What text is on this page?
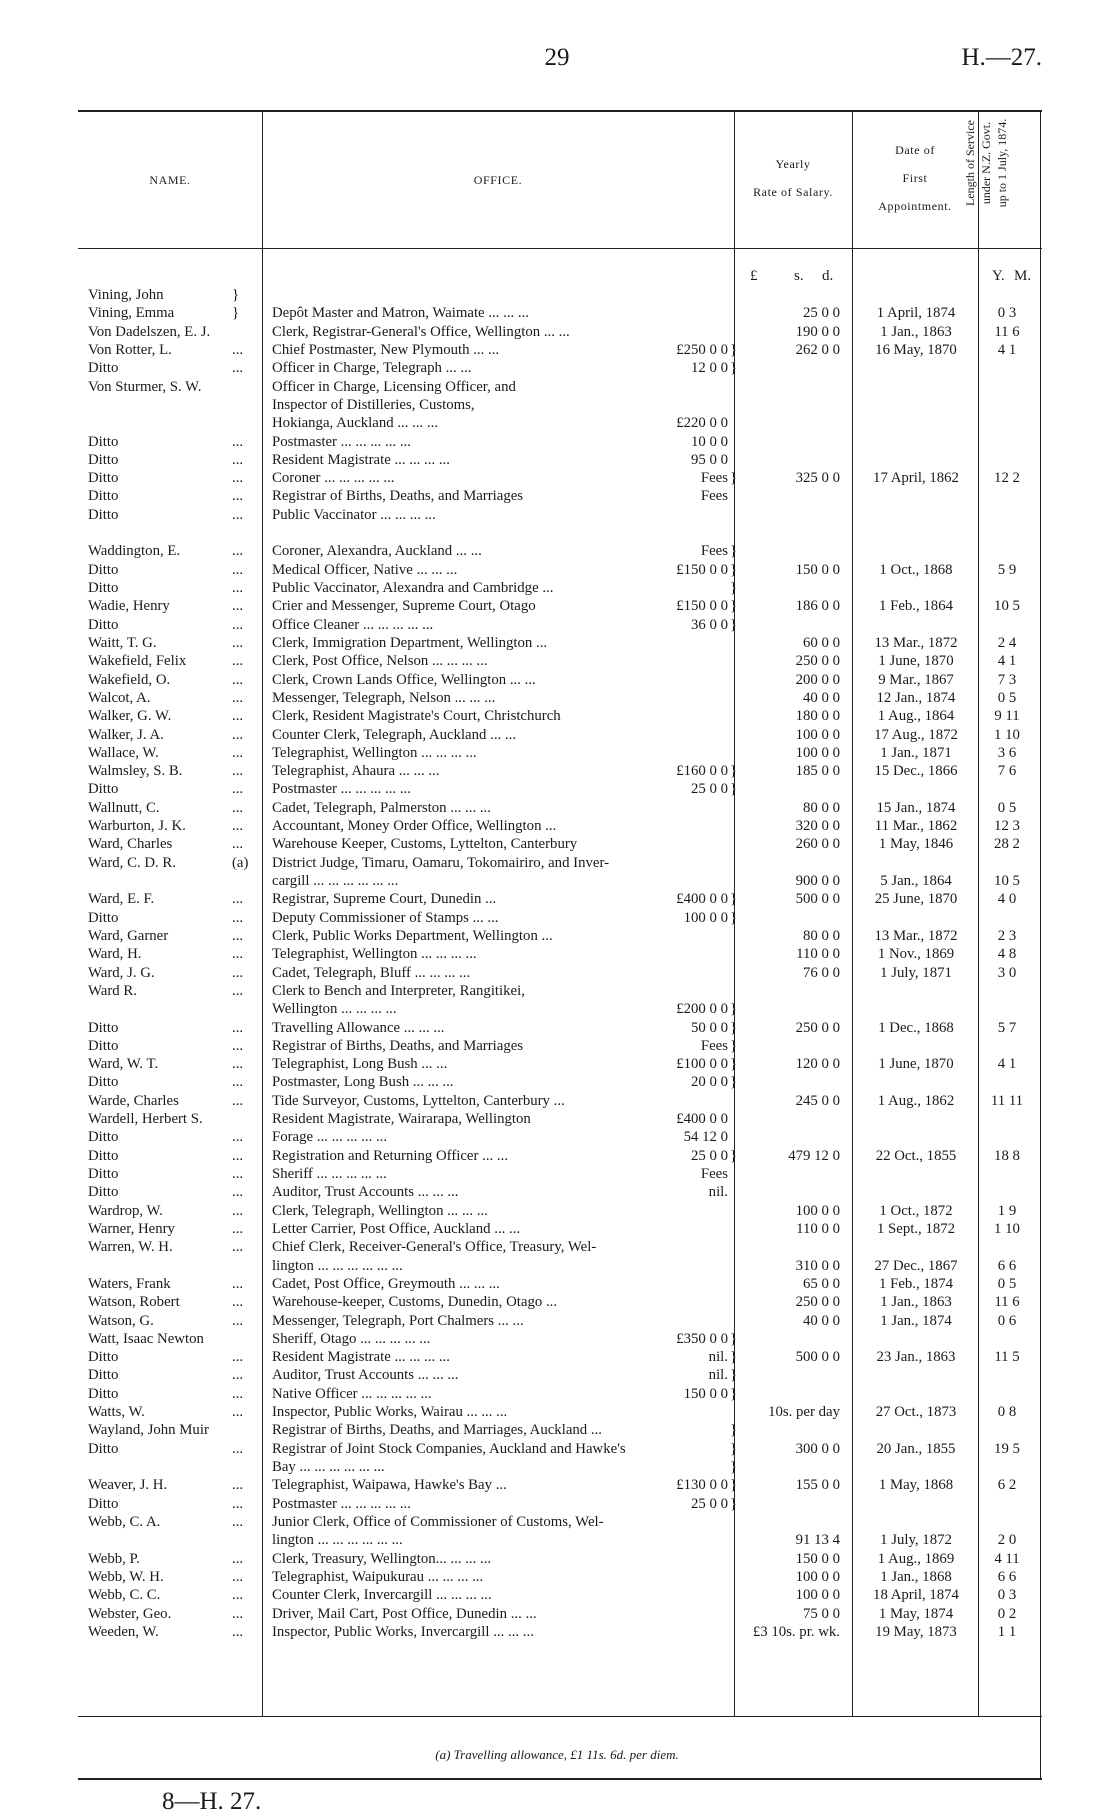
29	H.—27.
NAME.	OFFICE.
Yearly
Rate of Salary.
Date of
First
Appointment.
Length of Service under N.Z. Govt. up to 1 July, 1874.
£ s. d.	Y. M.
Vining, John	}
Vining, Emma	}	Depôt Master and Matron, Waimate ... ... ...	25 0 0	1 April, 1874	0 3
Von Dadelszen, E. J.	Clerk, Registrar-General's Office, Wellington ... ...	190 0 0	1 Jan., 1863	11 6
Von Rotter, L.	...	Chief Postmaster, New Plymouth ... ...	£250 0 0 }	262 0 0	16 May, 1870	4 1
Ditto	...	Officer in Charge, Telegraph ... ...	12 0 0 }
Von Sturmer, S. W.	Officer in Charge, Licensing Officer, and
Inspector of Distilleries, Customs,
Hokianga, Auckland ... ... ...	£220 0 0
Ditto	...	Postmaster ... ... ... ... ...	10 0 0
Ditto	...	Resident Magistrate ... ... ... ...	95 0 0
Ditto	...	Coroner ... ... ... ... ...	Fees }	325 0 0	17 April, 1862	12 2
Ditto	...	Registrar of Births, Deaths, and Marriages	Fees
Ditto	...	Public Vaccinator ... ... ... ...
Waddington, E.	...	Coroner, Alexandra, Auckland ... ...	Fees }
Ditto	...	Medical Officer, Native ... ... ...	£150 0 0 }	150 0 0	1 Oct., 1868	5 9
Ditto	...	Public Vaccinator, Alexandra and Cambridge ...	}
Wadie, Henry	...	Crier and Messenger, Supreme Court, Otago	£150 0 0 }	186 0 0	1 Feb., 1864	10 5
Ditto	...	Office Cleaner ... ... ... ... ...	36 0 0 }
Waitt, T. G.	...	Clerk, Immigration Department, Wellington ...	60 0 0	13 Mar., 1872	2 4
Wakefield, Felix	...	Clerk, Post Office, Nelson ... ... ... ...	250 0 0	1 June, 1870	4 1
Wakefield, O.	...	Clerk, Crown Lands Office, Wellington ... ...	200 0 0	9 Mar., 1867	7 3
Walcot, A.	...	Messenger, Telegraph, Nelson ... ... ...	40 0 0	12 Jan., 1874	0 5
Walker, G. W.	...	Clerk, Resident Magistrate's Court, Christchurch	180 0 0	1 Aug., 1864	9 11
Walker, J. A.	...	Counter Clerk, Telegraph, Auckland ... ...	100 0 0	17 Aug., 1872	1 10
Wallace, W.	...	Telegraphist, Wellington ... ... ... ...	100 0 0	1 Jan., 1871	3 6
Walmsley, S. B.	...	Telegraphist, Ahaura ... ... ...	£160 0 0 }	185 0 0	15 Dec., 1866	7 6
Ditto	...	Postmaster ... ... ... ... ...	25 0 0 }
Wallnutt, C.	...	Cadet, Telegraph, Palmerston ... ... ...	80 0 0	15 Jan., 1874	0 5
Warburton, J. K.	...	Accountant, Money Order Office, Wellington ...	320 0 0	11 Mar., 1862	12 3
Ward, Charles	...	Warehouse Keeper, Customs, Lyttelton, Canterbury	260 0 0	1 May, 1846	28 2
Ward, C. D. R.	(a) District Judge, Timaru, Oamaru, Tokomairiro, and Inver-
cargill ... ... ... ... ... ...	900 0 0	5 Jan., 1864	10 5
Ward, E. F.	...	Registrar, Supreme Court, Dunedin ...	£400 0 0 }	500 0 0	25 June, 1870	4 0
Ditto	...	Deputy Commissioner of Stamps ... ...	100 0 0 }
Ward, Garner	...	Clerk, Public Works Department, Wellington ...	80 0 0	13 Mar., 1872	2 3
Ward, H.	...	Telegraphist, Wellington ... ... ... ...	110 0 0	1 Nov., 1869	4 8
Ward, J. G.	...	Cadet, Telegraph, Bluff ... ... ... ...	76 0 0	1 July, 1871	3 0
Ward R.	...	Clerk to Bench and Interpreter, Rangitikei,
Wellington ... ... ... ...	£200 0 0 }
Ditto	...	Travelling Allowance ... ... ...	50 0 0 }	250 0 0	1 Dec., 1868	5 7
Ditto	...	Registrar of Births, Deaths, and Marriages	Fees }
Ward, W. T.	...	Telegraphist, Long Bush ... ...	£100 0 0 }	120 0 0	1 June, 1870	4 1
Ditto	...	Postmaster, Long Bush ... ... ...	20 0 0 }
Warde, Charles	...	Tide Surveyor, Customs, Lyttelton, Canterbury ...	245 0 0	1 Aug., 1862	11 11
Wardell, Herbert S.	Resident Magistrate, Wairarapa, Wellington	£400 0 0
Ditto	...	Forage ... ... ... ... ...	54 12 0
Ditto	...	Registration and Returning Officer ... ...	25 0 0 }	479 12 0	22 Oct., 1855	18 8
Ditto	...	Sheriff ... ... ... ... ...	Fees
Ditto	...	Auditor, Trust Accounts ... ... ...	nil.
Wardrop, W.	...	Clerk, Telegraph, Wellington ... ... ...	100 0 0	1 Oct., 1872	1 9
Warner, Henry	...	Letter Carrier, Post Office, Auckland ... ...	110 0 0	1 Sept., 1872	1 10
Warren, W. H.	...	Chief Clerk, Receiver-General's Office, Treasury, Wel-
lington ... ... ... ... ... ...	310 0 0	27 Dec., 1867	6 6
Waters, Frank	...	Cadet, Post Office, Greymouth ... ... ...	65 0 0	1 Feb., 1874	0 5
Watson, Robert	...	Warehouse-keeper, Customs, Dunedin, Otago ...	250 0 0	1 Jan., 1863	11 6
Watson, G.	...	Messenger, Telegraph, Port Chalmers ... ...	40 0 0	1 Jan., 1874	0 6
Watt, Isaac Newton	Sheriff, Otago ... ... ... ... ...	£350 0 0 }
Ditto	...	Resident Magistrate ... ... ... ...	nil. }	500 0 0	23 Jan., 1863	11 5
Ditto	...	Auditor, Trust Accounts ... ... ...	nil. }
Ditto	...	Native Officer ... ... ... ... ...	150 0 0 }
Watts, W.	...	Inspector, Public Works, Wairau ... ... ...	10s. per day	27 Oct., 1873	0 8
Wayland, John Muir	Registrar of Births, Deaths, and Marriages, Auckland ...	}
Ditto	...	Registrar of Joint Stock Companies, Auckland and Hawke's	}	300 0 0	20 Jan., 1855	19 5
Bay ... ... ... ... ... ...	}
Weaver, J. H.	...	Telegraphist, Waipawa, Hawke's Bay ...	£130 0 0 }	155 0 0	1 May, 1868	6 2
Ditto	...	Postmaster ... ... ... ... ...	25 0 0 }
Webb, C. A.	...	Junior Clerk, Office of Commissioner of Customs, Wel-
lington ... ... ... ... ... ...	91 13 4	1 July, 1872	2 0
Webb, P.	...	Clerk, Treasury, Wellington... ... ... ...	150 0 0	1 Aug., 1869	4 11
Webb, W. H.	...	Telegraphist, Waipukurau ... ... ... ...	100 0 0	1 Jan., 1868	6 6
Webb, C. C.	...	Counter Clerk, Invercargill ... ... ... ...	100 0 0	18 April, 1874	0 3
Webster, Geo.	...	Driver, Mail Cart, Post Office, Dunedin ... ...	75 0 0	1 May, 1874	0 2
Weeden, W.	...	Inspector, Public Works, Invercargill ... ... ...	£3 10s. pr. wk.	19 May, 1873	1 1
(a) Travelling allowance, £1 11s. 6d. per diem.
8—H. 27.
